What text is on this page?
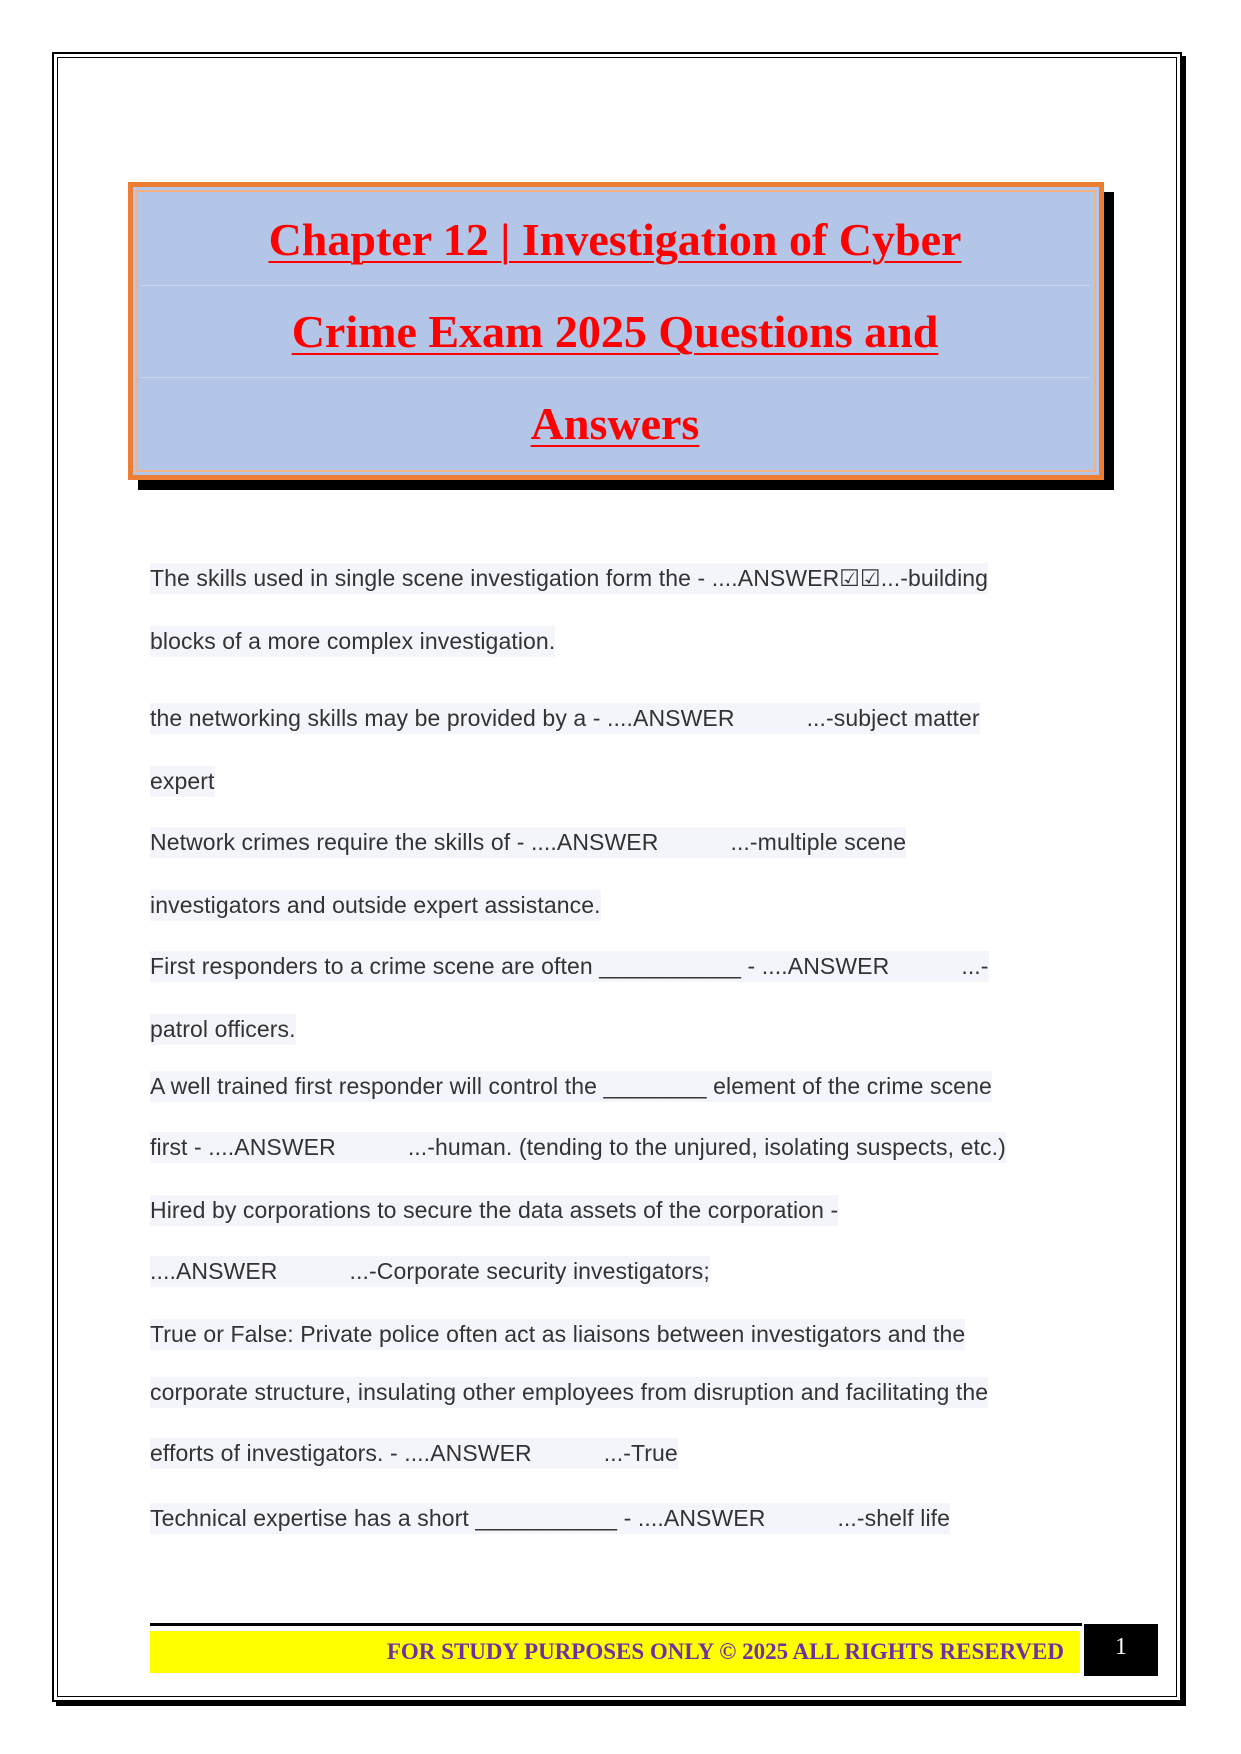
Chapter 12 | Investigation of Cyber
Crime Exam 2025 Questions and
Answers
The skills used in single scene investigation form the - ....ANSWER☑☑...-building
blocks of a more complex investigation.
the networking skills may be provided by a - ....ANSWER	...-subject matter
expert
Network crimes require the skills of - ....ANSWER	...-multiple scene
investigators and outside expert assistance.
First responders to a crime scene are often ___________ - ....ANSWER	...-
patrol officers.
A well trained first responder will control the ________ element of the crime scene
first - ....ANSWER	...-human. (tending to the unjured, isolating suspects, etc.)
Hired by corporations to secure the data assets of the corporation -
....ANSWER	...-Corporate security investigators;
True or False: Private police often act as liaisons between investigators and the
corporate structure, insulating other employees from disruption and facilitating the
efforts of investigators. - ....ANSWER	...-True
Technical expertise has a short ___________ - ....ANSWER	...-shelf life
FOR STUDY PURPOSES ONLY © 2025 ALL RIGHTS RESERVED	1
